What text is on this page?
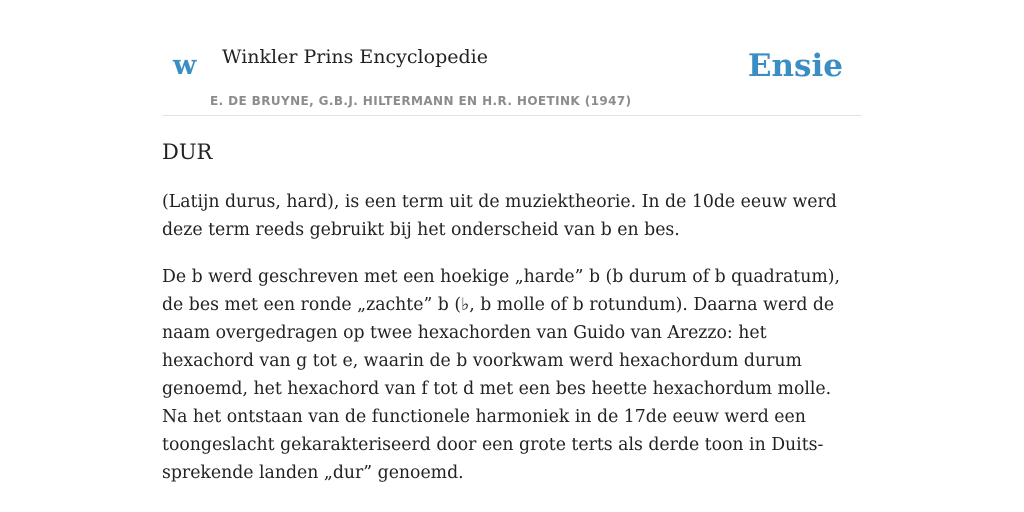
w Winkler Prins Encyclopedie
E. DE BRUYNE, G.B.J. HILTERMANN EN H.R. HOETINK (1947)
Ensie
DUR

(Latijn durus, hard), is een term uit de muziektheorie. In de 10de eeuw werd deze term reeds gebruikt bij het onderscheid van b en bes.

De b werd geschreven met een hoekige „harde” b (b durum of b quadratum), de bes met een ronde „zachte” b (♭, b molle of b rotundum). Daarna werd de naam overgedragen op twee hexachorden van Guido van Arezzo: het hexachord van g tot e, waarin de b voorkwam werd hexachordum durum genoemd, het hexachord van f tot d met een bes heette hexachordum molle. Na het ontstaan van de functionele harmoniek in de 17de eeuw werd een toongeslacht gekarakteriseerd door een grote terts als derde toon in Duits-sprekende landen „dur” genoemd.
